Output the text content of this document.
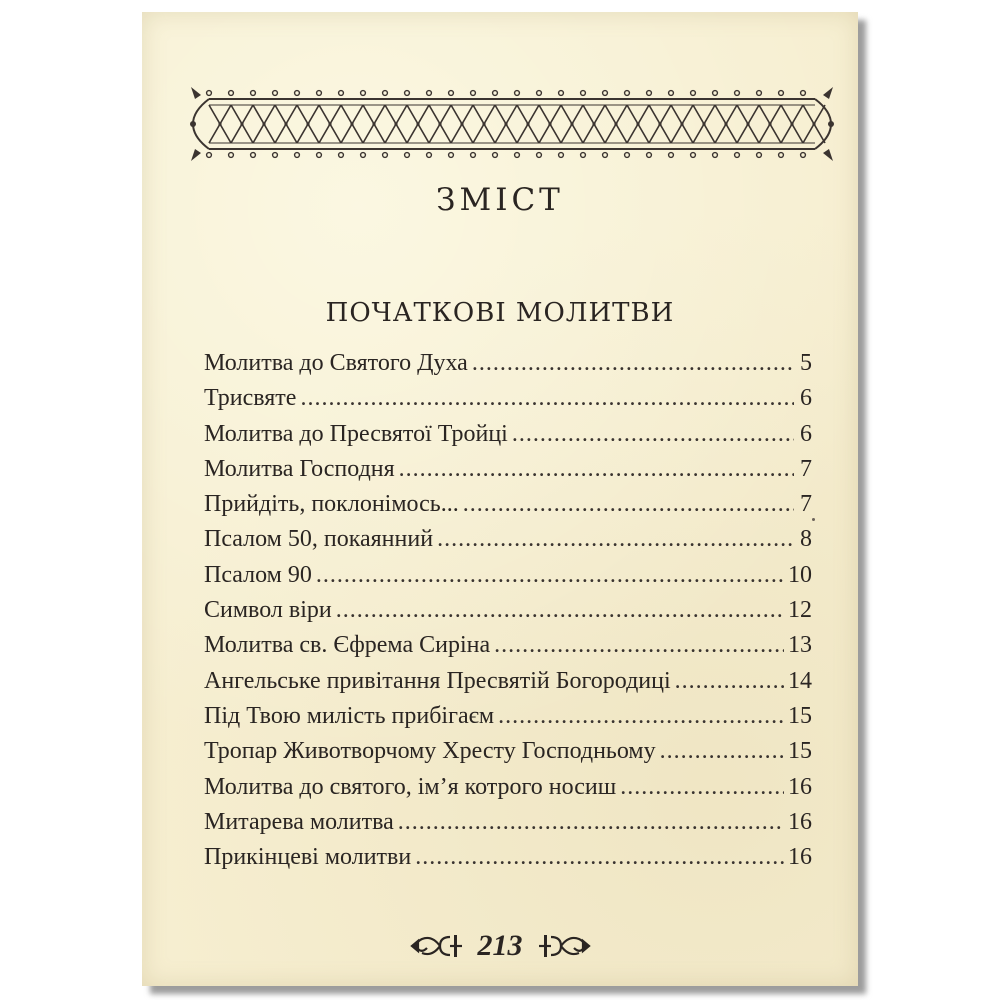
ЗМІСТ
ПОЧАТКОВІ МОЛИТВИ
Молитва до Святого Духа .....	5
Трисвяте .....	6
Молитва до Пресвятої Тройці .....	6
Молитва Господня .....	7
Прийдіть, поклонімось... .....	7
Псалом 50, покаянний .....	8
Псалом 90 .....	10
Символ віри .....	12
Молитва св. Єфрема Сиріна .....	13
Ангельське привітання Пресвятій Богородиці .....	14
Під Твою милість прибігаєм .....	15
Тропар Животворчому Хресту Господньому .....	15
Молитва до святого, ім’я котрого носиш .....	16
Митарева молитва .....	16
Прикінцеві молитви .....	16
213
